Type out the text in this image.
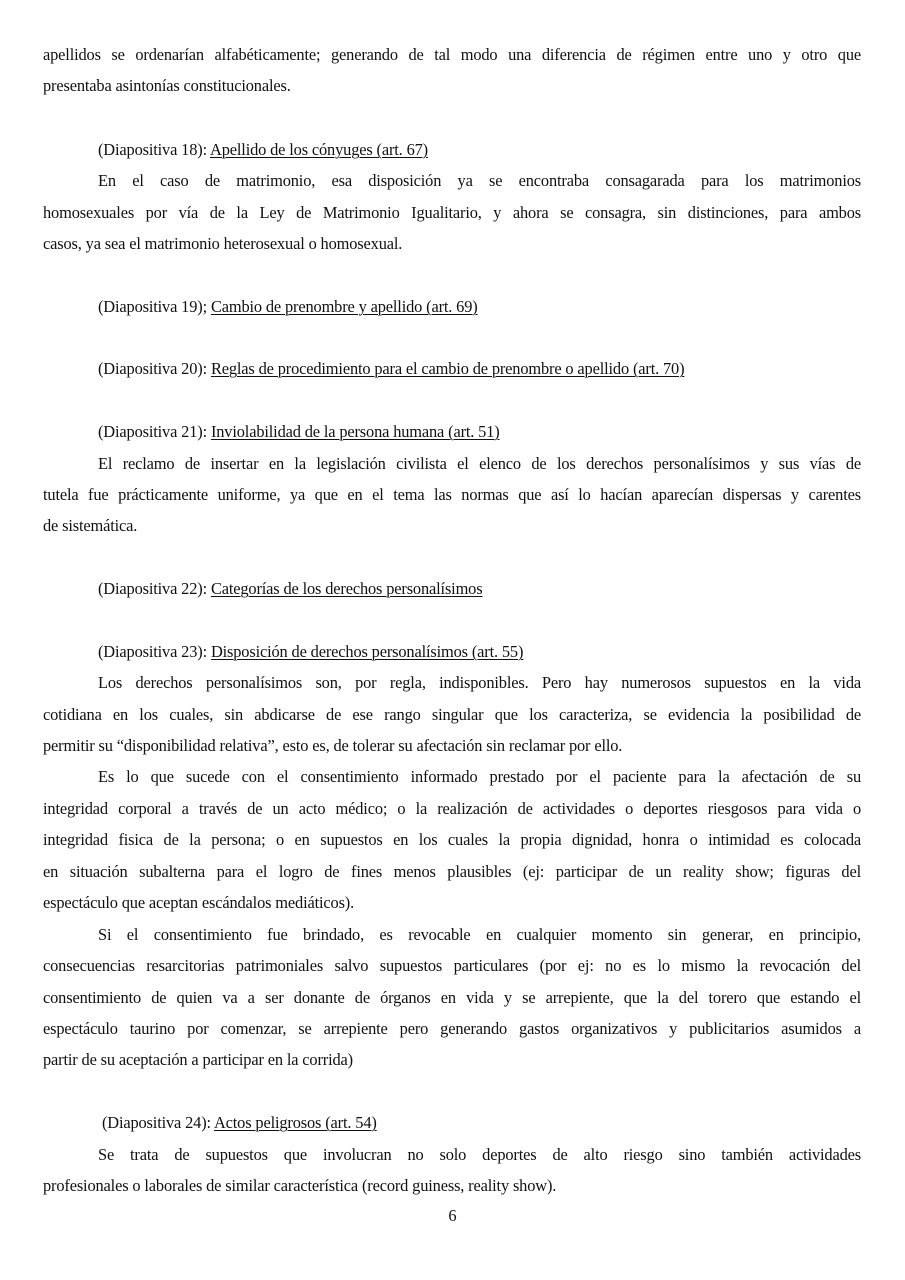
apellidos se ordenarían alfabéticamente; generando de tal modo una diferencia de régimen entre uno y otro que
presentaba asintonías constitucionales.
(Diapositiva 18): Apellido de los cónyuges (art. 67)
En el caso de matrimonio, esa disposición ya se encontraba consagarada para los matrimonios
homosexuales por vía de la Ley de Matrimonio Igualitario, y ahora se consagra, sin distinciones, para ambos
casos, ya sea el matrimonio heterosexual o homosexual.
(Diapositiva 19); Cambio de prenombre y apellido (art. 69)
(Diapositiva 20): Reglas de procedimiento para el cambio de prenombre o apellido (art. 70)
(Diapositiva 21): Inviolabilidad de la persona humana (art. 51)
El reclamo de insertar en la legislación civilista el elenco de los derechos personalísimos y sus vías de
tutela fue prácticamente uniforme, ya que en el tema las normas que así lo hacían aparecían dispersas y carentes
de sistemática.
(Diapositiva 22): Categorías de los derechos personalísimos
(Diapositiva 23): Disposición de derechos personalísimos (art. 55)
Los derechos personalísimos son, por regla, indisponibles. Pero hay numerosos supuestos en la vida
cotidiana en los cuales, sin abdicarse de ese rango singular que los caracteriza, se evidencia la posibilidad de
permitir su “disponibilidad relativa”, esto es, de tolerar su afectación sin reclamar por ello.
Es lo que sucede con el consentimiento informado prestado por el paciente para la afectación de su
integridad corporal a través de un acto médico; o la realización de actividades o deportes riesgosos para vida o
integridad fisica de la persona; o en supuestos en los cuales la propia dignidad, honra o intimidad es colocada
en situación subalterna para el logro de fines menos plausibles (ej: participar de un reality show; figuras del
espectáculo que aceptan escándalos mediáticos).
Si el consentimiento fue brindado, es revocable en cualquier momento sin generar, en principio,
consecuencias resarcitorias patrimoniales salvo supuestos particulares (por ej: no es lo mismo la revocación del
consentimiento de quien va a ser donante de órganos en vida y se arrepiente, que la del torero que estando el
espectáculo taurino por comenzar, se arrepiente pero generando gastos organizativos y publicitarios asumidos a
partir de su aceptación a participar en la corrida)
(Diapositiva 24): Actos peligrosos (art. 54)
Se trata de supuestos que involucran no solo deportes de alto riesgo sino también actividades
profesionales o laborales de similar característica (record guiness, reality show).
6
